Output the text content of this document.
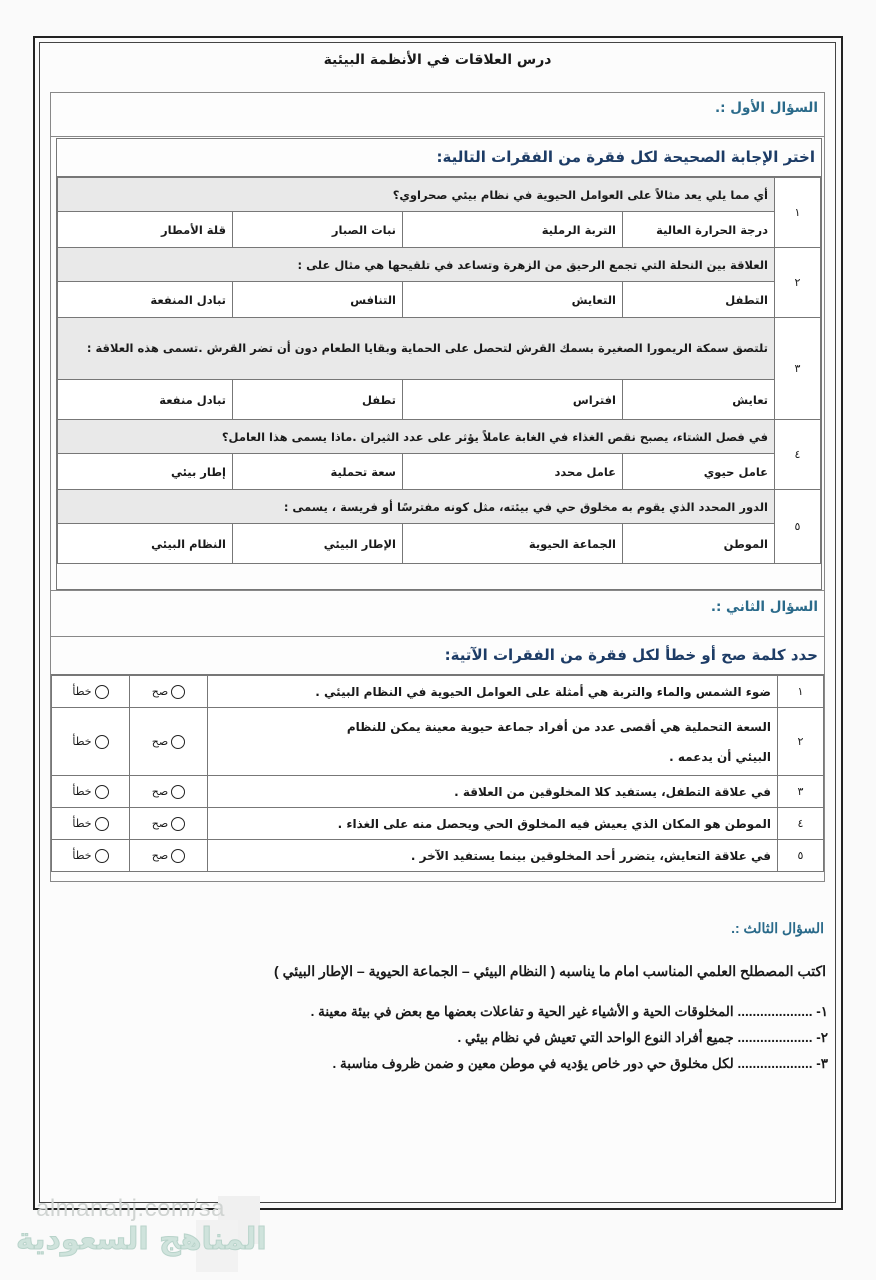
درس العلاقات في الأنظمة البيئية
السؤال الأول :.
اختر الإجابة الصحيحة لكل فقرة من الفقرات التالية:
١	أي مما يلي يعد مثالاً على العوامل الحيوية في نظام بيئي صحراوي؟			
	درجة الحرارة العالية	التربة الرملية	نبات الصبار	قلة الأمطار
٢	العلاقة بين النحلة التي تجمع الرحيق من الزهرة وتساعد في تلقيحها هي مثال على :			
	التطفل	التعايش	التنافس	تبادل المنفعة
٣	تلتصق سمكة الريمورا الصغيرة بسمك القرش لتحصل على الحماية وبقايا الطعام دون أن تضر القرش .تسمى هذه العلاقة :			
	تعايش	افتراس	تطفل	تبادل منفعة
٤	في فصل الشتاء، يصبح نقص الغذاء في الغابة عاملاً يؤثر على عدد الثيران .ماذا يسمى هذا العامل؟			
	عامل حيوي	عامل محدد	سعة تحملية	إطار بيئي
٥	الدور المحدد الذي يقوم به مخلوق حي في بيئته، مثل كونه مفترسًا أو فريسة ، يسمى :			
	الموطن	الجماعة الحيوية	الإطار البيئي	النظام البيئي
السؤال الثاني :.
حدد كلمة صح أو خطأ لكل فقرة من الفقرات الآتية:
١	ضوء الشمس والماء والتربة هي أمثلة على العوامل الحيوية في النظام البيئي .	صح	خطأ
٢	السعة التحملية هي أقصى عدد من أفراد جماعة حيوية معينة يمكن للنظام البيئي أن يدعمه .	صح	خطأ
٣	في علاقة التطفل، يستفيد كلا المخلوقين من العلاقة .	صح	خطأ
٤	الموطن هو المكان الذي يعيش فيه المخلوق الحي ويحصل منه على الغذاء .	صح	خطأ
٥	في علاقة التعايش، يتضرر أحد المخلوقين بينما يستفيد الآخر .	صح	خطأ
السؤال الثالث :.
اكتب المصطلح العلمي المناسب امام ما يناسبه ( النظام البيئي – الجماعة الحيوية – الإطار البيئي )
١- .................... المخلوقات الحية و الأشياء غير الحية و تفاعلات بعضها مع بعض في بيئة معينة .
٢- .................... جميع أفراد النوع الواحد التي تعيش في نظام بيئي .
٣- .................... لكل مخلوق حي دور خاص يؤديه في موطن معين و ضمن ظروف مناسبة .
almanahj.com/sa
المناهج السعودية
